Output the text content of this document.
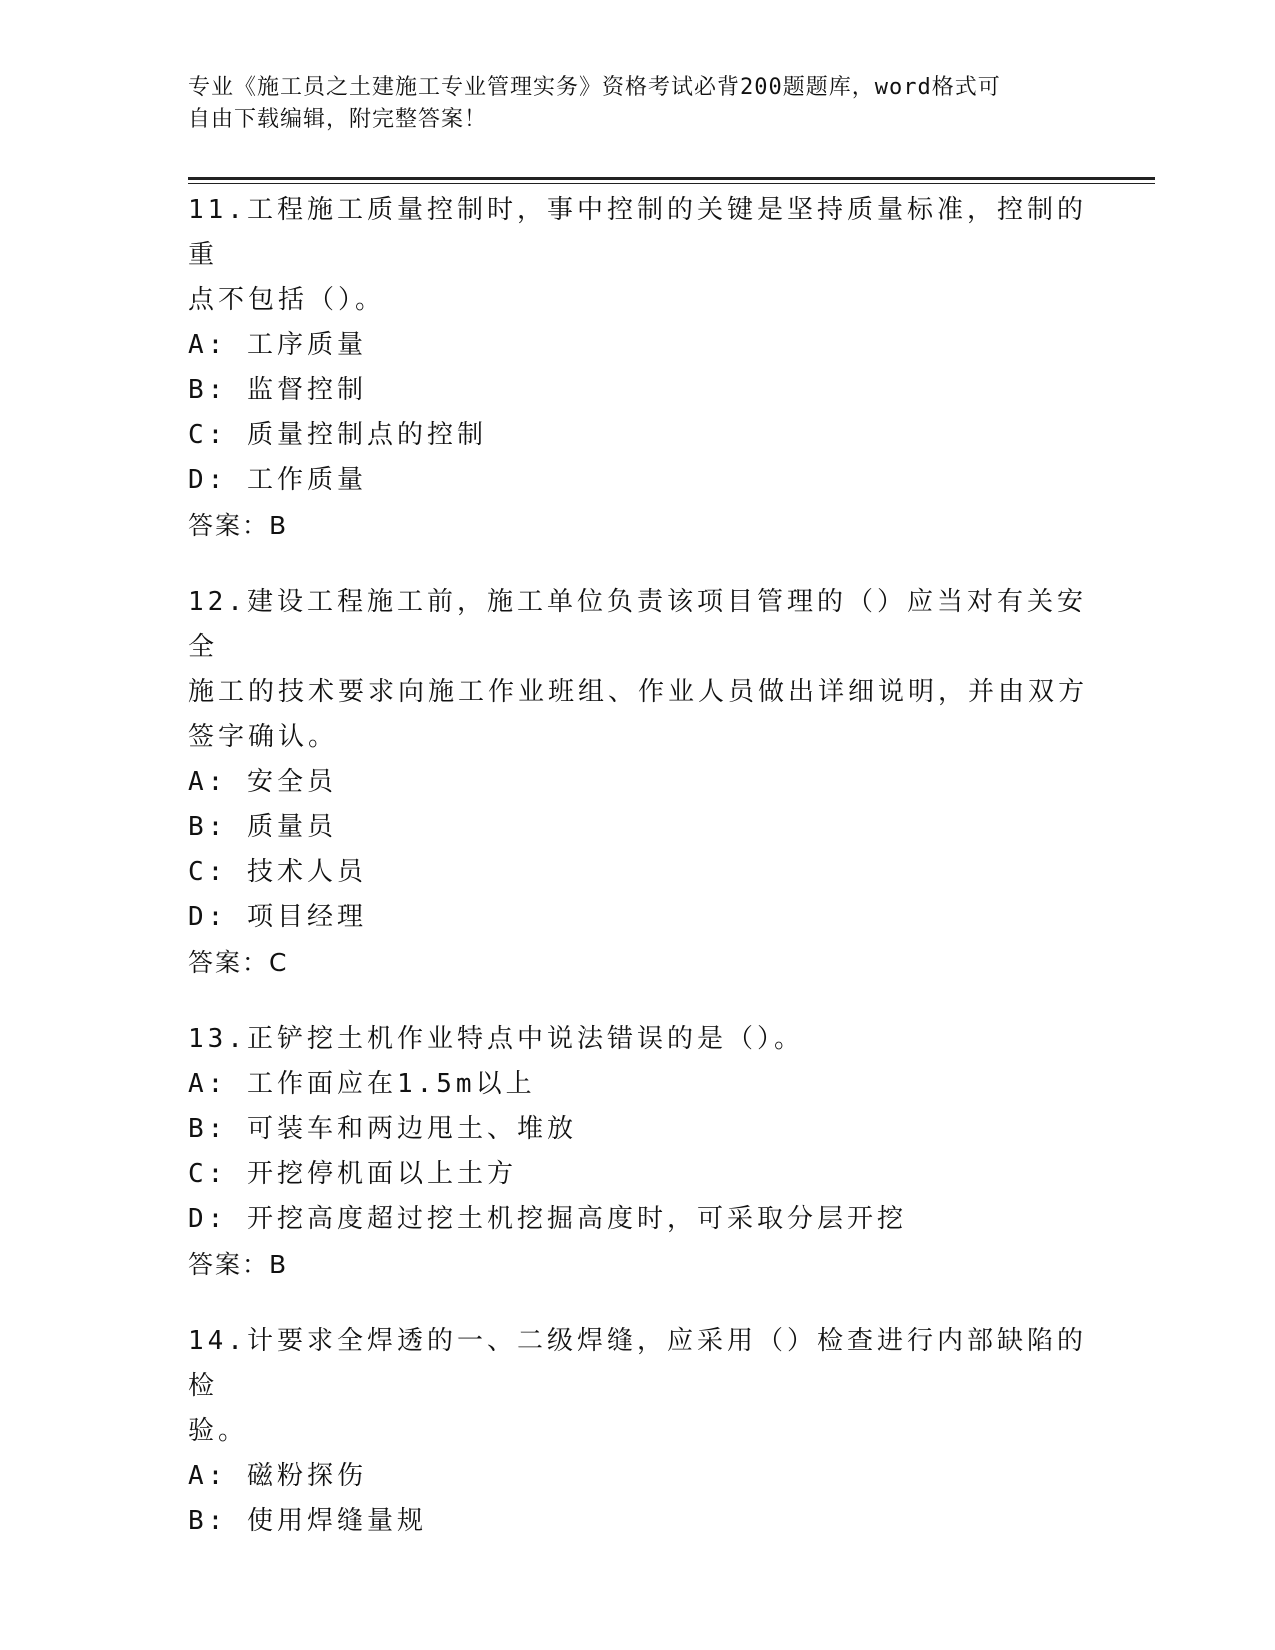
专业《施工员之土建施工专业管理实务》资格考试必背200题题库，word格式可
自由下载编辑，附完整答案！

11.工程施工质量控制时，事中控制的关键是坚持质量标准，控制的重

点不包括（）。

A: 工序质量

B: 监督控制

C: 质量控制点的控制

D: 工作质量

答案：B

12.建设工程施工前，施工单位负责该项目管理的（）应当对有关安全

施工的技术要求向施工作业班组、作业人员做出详细说明，并由双方

签字确认。

A: 安全员

B: 质量员

C: 技术人员

D: 项目经理

答案：C

13.正铲挖土机作业特点中说法错误的是（）。

A: 工作面应在1.5m以上

B: 可装车和两边甩土、堆放

C: 开挖停机面以上土方

D: 开挖高度超过挖土机挖掘高度时，可采取分层开挖

答案：B

14.计要求全焊透的一、二级焊缝，应采用（）检查进行内部缺陷的检

验。

A: 磁粉探伤

B: 使用焊缝量规
